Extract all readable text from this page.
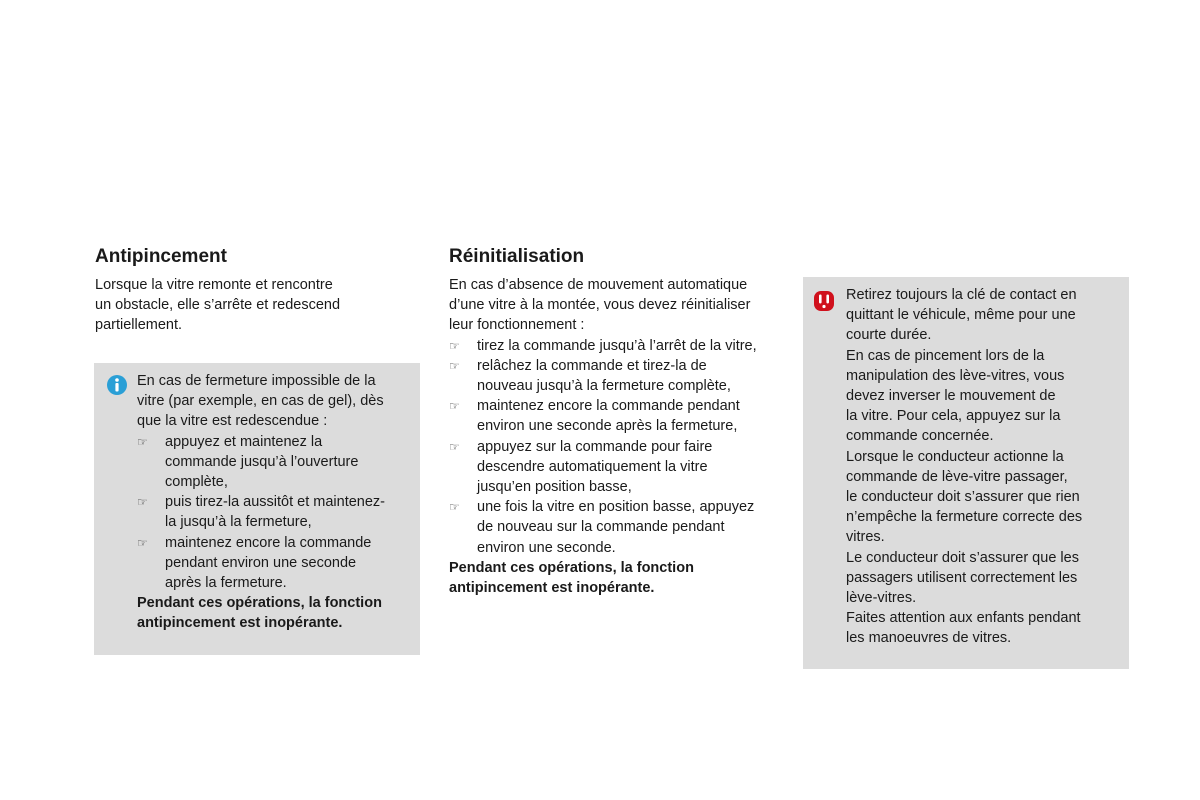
Antipincement

Lorsque la vitre remonte et rencontre
un obstacle, elle s’arrête et redescend
partiellement.

En cas de fermeture impossible de la
vitre (par exemple, en cas de gel), dès
que la vitre est redescendue :

☞ appuyez et maintenez la
commande jusqu’à l’ouverture
complète,
☞ puis tirez-la aussitôt et maintenez-
la jusqu’à la fermeture,
☞ maintenez encore la commande
pendant environ une seconde
après la fermeture.

Pendant ces opérations, la fonction
antipincement est inopérante.

Réinitialisation

En cas d’absence de mouvement automatique
d’une vitre à la montée, vous devez réinitialiser
leur fonctionnement :

☞ tirez la commande jusqu’à l’arrêt de la vitre,
☞ relâchez la commande et tirez-la de
nouveau jusqu’à la fermeture complète,
☞ maintenez encore la commande pendant
environ une seconde après la fermeture,
☞ appuyez sur la commande pour faire
descendre automatiquement la vitre
jusqu’en position basse,
☞ une fois la vitre en position basse, appuyez
de nouveau sur la commande pendant
environ une seconde.

Pendant ces opérations, la fonction
antipincement est inopérante.

Retirez toujours la clé de contact en
quittant le véhicule, même pour une
courte durée.
En cas de pincement lors de la
manipulation des lève-vitres, vous
devez inverser le mouvement de
la vitre. Pour cela, appuyez sur la
commande concernée.
Lorsque le conducteur actionne la
commande de lève-vitre passager,
le conducteur doit s’assurer que rien
n’empêche la fermeture correcte des
vitres.
Le conducteur doit s’assurer que les
passagers utilisent correctement les
lève-vitres.
Faites attention aux enfants pendant
les manoeuvres de vitres.
